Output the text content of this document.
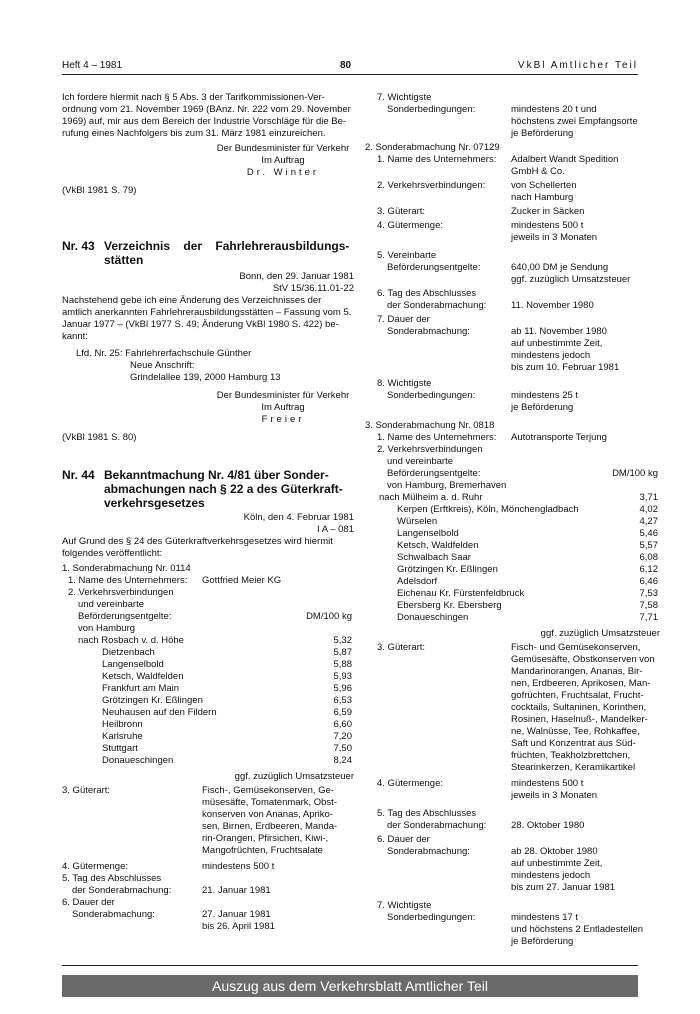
Heft 4 – 1981	80	VkBl Amtlicher Teil

Ich fordere hiermit nach § 5 Abs. 3 der Tarifkommissionen-Ver-

ordnung vom 21. November 1969 (BAnz. Nr. 222 vom 29. November

1969) auf, mir aus dem Bereich der Industrie Vorschläge für die Be-

rufung eines Nachfolgers bis zum 31. März 1981 einzureichen.

Der Bundesminister für Verkehr
Im Auftrag
Dr. Winter
(VkBl 1981 S. 79)
Nr. 43 Verzeichnis der Fahrlehrerausbildungs-
stätten
Bonn, den 29. Januar 1981
StV 15/36.11.01-22

Nachstehend gebe ich eine Änderung des Verzeichnisses der

amtlich anerkannten Fahrlehrerausbildungsstätten – Fassung vom 5.

Januar 1977 – (VkBl 1977 S. 49; Änderung VkBl 1980 S. 422) be-

kannt:

Lfd. Nr. 25: Fahrlehrerfachschule Günther
Neue Anschrift:
Grindelallee 139, 2000 Hamburg 13
Der Bundesminister für Verkehr
Im Auftrag
Freier
(VkBl 1981 S. 80)
Nr. 44 Bekanntmachung Nr. 4/81 über Sonder-
abmachungen nach § 22 a des Güterkraft-
verkehrsgesetzes
Köln, den 4. Februar 1981
I A – 081

Auf Grund des § 24 des Güterkraftverkehrsgesetzes wird hiermit

folgendes veröffentlicht:

1. Sonderabmachung Nr. 0114
1. Name des Unternehmers: Gottfried Meier KG
2. Verkehrsverbindungen
und vereinbarte
Beförderungsentgelte:	DM/100 kg
von Hamburg
nach Rosbach v. d. Höhe	5,32
Dietzenbach	5,87
Langenselbold	5,88
Ketsch, Waldfelden	5,93
Frankfurt am Main	5,96
Grötzingen Kr. Eßlingen	6,53
Neuhausen auf den Fildern	6,59
Heilbronn	6,60
Karlsruhe	7,20
Stuttgart	7,50
Donaueschingen	8,24
ggf. zuzüglich Umsatzsteuer
3. Güterart:	Fisch-, Gemüsekonserven, Ge-
müsesäfte, Tomatenmark, Obst-
konserven von Ananas, Apriko-
sen, Birnen, Erdbeeren, Manda-
rin-Orangen, Pfirsichen, Kiwi-,
Mangofrüchten, Fruchtsalate
4. Gütermenge:	mindestens 500 t
5. Tag des Abschlusses
der Sonderabmachung:	21. Januar 1981
6. Dauer der
Sonderabmachung:	27. Januar 1981
bis 26. April 1981
7. Wichtigste
Sonderbedingungen:	mindestens 20 t und
höchstens zwei Empfangsorte
je Beförderung
2. Sonderabmachung Nr. 07129
1. Name des Unternehmers: Adalbert Wandt Spedition
GmbH & Co.
2. Verkehrsverbindungen:	von Schellerten
nach Hamburg
3. Güterart:	Zucker in Säcken
4. Gütermenge:	mindestens 500 t
jeweils in 3 Monaten
5. Vereinbarte
Beförderungsentgelte:	640,00 DM je Sendung
ggf. zuzüglich Umsatzsteuer
6. Tag des Abschlusses
der Sonderabmachung:	11. November 1980
7. Dauer der
Sonderabmachung:	ab 11. November 1980
auf unbestimmte Zeit,
mindestens jedoch
bis zum 10. Februar 1981
8. Wichtigste
Sonderbedingungen:	mindestens 25 t
je Beförderung
3. Sonderabmachung Nr. 0818
1. Name des Unternehmers: Autotransporte Terjung
2. Verkehrsverbindungen
und vereinbarte
Beförderungsentgelte:	DM/100 kg
von Hamburg, Bremerhaven
nach Mülheim a. d. Ruhr	3,71
Kerpen (Erftkreis), Köln, Mönchengladbach	4,02
Würselen	4,27
Langenselbold	5,46
Ketsch, Waldfelden	5,57
Schwalbach Saar	6,08
Grötzingen Kr. Eßlingen	6,12
Adelsdorf	6,46
Eichenau Kr. Fürstenfeldbruck	7,53
Ebersberg Kr. Ebersberg	7,58
Donaueschingen	7,71
ggf. zuzüglich Umsatzsteuer
3. Güterart:	Fisch- und Gemüsekonserven,
Gemüsesäfte, Obstkonserven von
Mandarinorangen, Ananas, Bir-
nen, Erdbeeren, Aprikosen, Man-
gofrüchten, Fruchtsalat, Frucht-
cocktails, Sultaninen, Korinthen,
Rosinen, Haselnuß-, Mandelker-
ne, Walnüsse, Tee, Rohkaffee,
Saft und Konzentrat aus Süd-
früchten, Teakholzbrettchen,
Stearinkerzen, Keramikartikel
4. Gütermenge:	mindestens 500 t
jeweils in 3 Monaten
5. Tag des Abschlusses
der Sonderabmachung:	28. Oktober 1980
6. Dauer der
Sonderabmachung:	ab 28. Oktober 1980
auf unbestimmte Zeit,
mindestens jedoch
bis zum 27. Januar 1981
7. Wichtigste
Sonderbedingungen:	mindestens 17 t
und höchstens 2 Entladestellen
je Beförderung
Auszug aus dem Verkehrsblatt Amtlicher Teil
